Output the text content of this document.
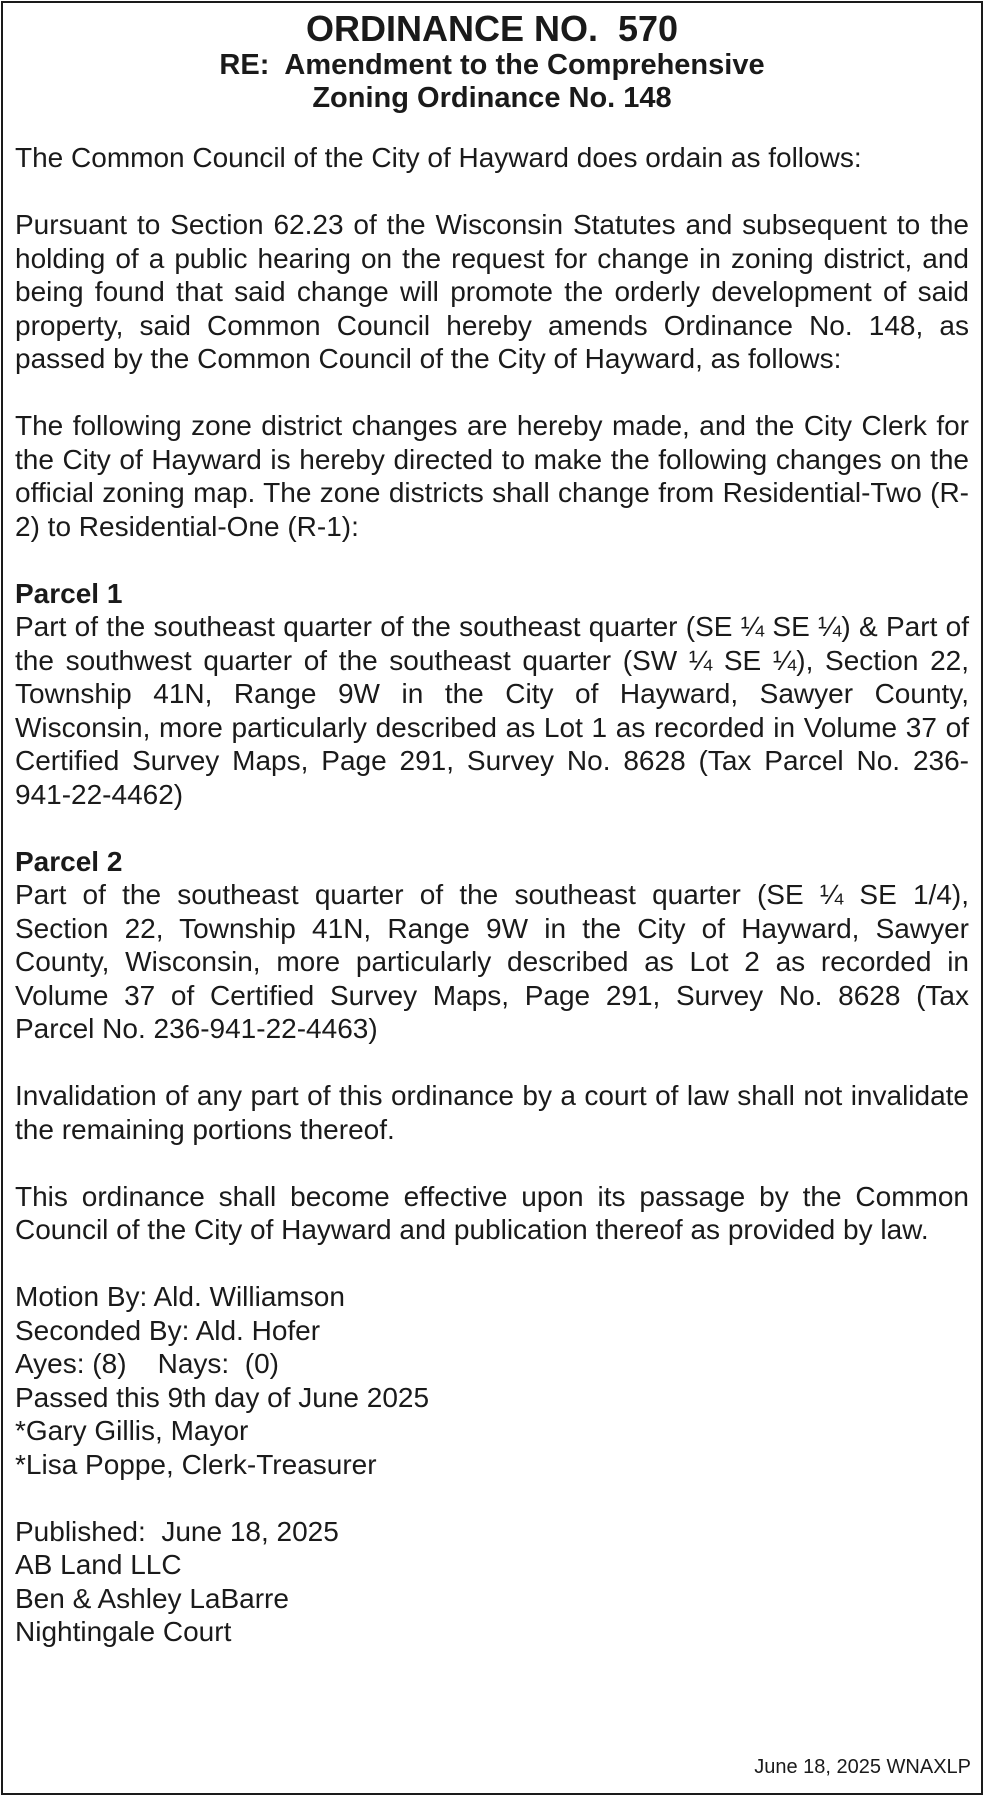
ORDINANCE NO.  570
RE:  Amendment to the Comprehensive
Zoning Ordinance No. 148

The Common Council of the City of Hayward does ordain as follows:

Pursuant to Section 62.23 of the Wisconsin Statutes and subsequent to the holding of a public hearing on the request for change in zoning district, and being found that said change will promote the orderly development of said property, said Common Council hereby amends Ordinance No. 148, as passed by the Common Council of the City of Hayward, as follows:

The following zone district changes are hereby made, and the City Clerk for the City of Hayward is hereby directed to make the following changes on the official zoning map. The zone districts shall change from Residential-Two (R-2) to Residential-One (R-1):

Parcel 1

Part of the southeast quarter of the southeast quarter (SE ¼ SE ¼) & Part of the southwest quarter of the southeast quarter (SW ¼ SE ¼), Section 22, Township 41N, Range 9W in the City of Hayward, Sawyer County, Wisconsin, more particularly described as Lot 1 as recorded in Volume 37 of Certified Survey Maps, Page 291, Survey No. 8628 (Tax Parcel No. 236-941-22-4462)

Parcel 2

Part of the southeast quarter of the southeast quarter (SE ¼ SE 1/4), Section 22, Township 41N, Range 9W in the City of Hayward, Sawyer County, Wisconsin, more particularly described as Lot 2 as recorded in Volume 37 of Certified Survey Maps, Page 291, Survey No. 8628 (Tax Parcel No. 236-941-22-4463)

Invalidation of any part of this ordinance by a court of law shall not invalidate the remaining portions thereof.

This ordinance shall become effective upon its passage by the Common Council of the City of Hayward and publication thereof as provided by law.

Motion By: Ald. Williamson
Seconded By: Ald. Hofer
Ayes: (8)    Nays:  (0)
Passed this 9th day of June 2025
*Gary Gillis, Mayor
*Lisa Poppe, Clerk-Treasurer
Published:  June 18, 2025
AB Land LLC
Ben & Ashley LaBarre
Nightingale Court
June 18, 2025 WNAXLP
